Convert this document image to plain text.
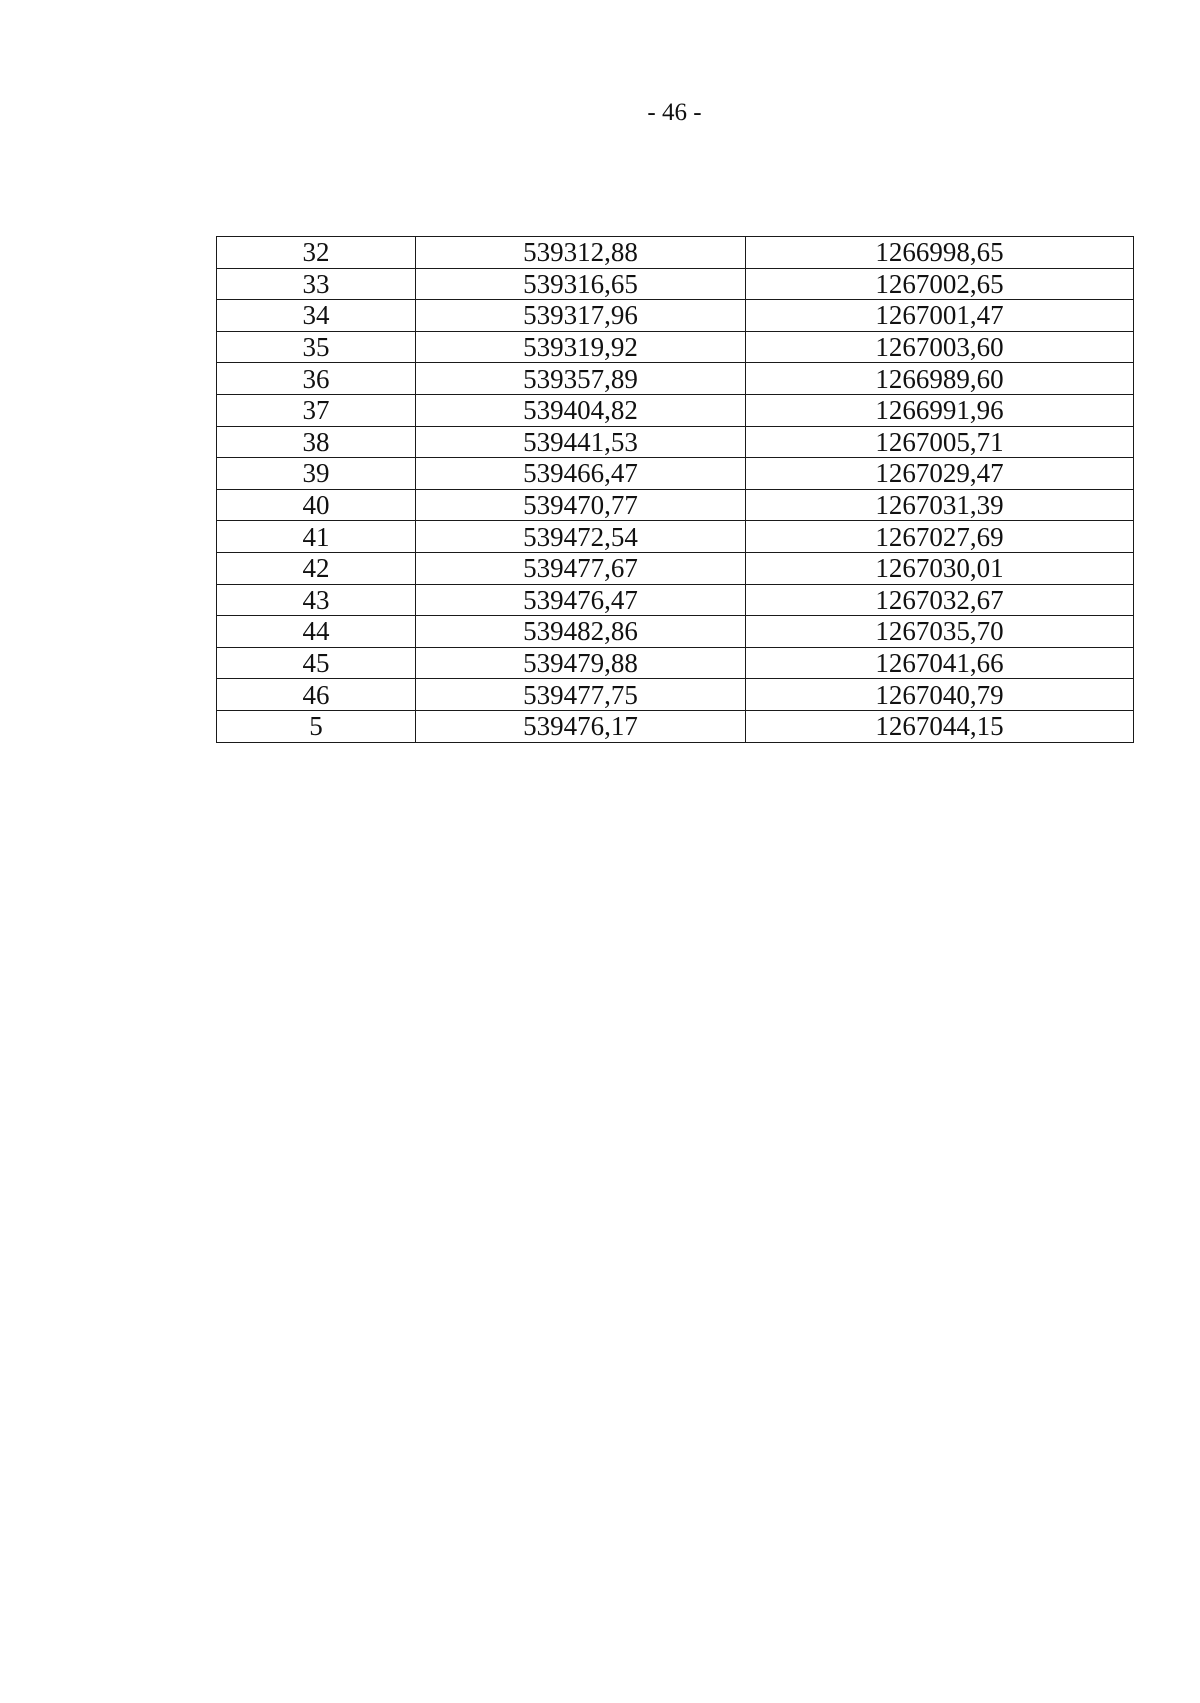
- 46 -
32	539312,88	1266998,65
33	539316,65	1267002,65
34	539317,96	1267001,47
35	539319,92	1267003,60
36	539357,89	1266989,60
37	539404,82	1266991,96
38	539441,53	1267005,71
39	539466,47	1267029,47
40	539470,77	1267031,39
41	539472,54	1267027,69
42	539477,67	1267030,01
43	539476,47	1267032,67
44	539482,86	1267035,70
45	539479,88	1267041,66
46	539477,75	1267040,79
5	539476,17	1267044,15
